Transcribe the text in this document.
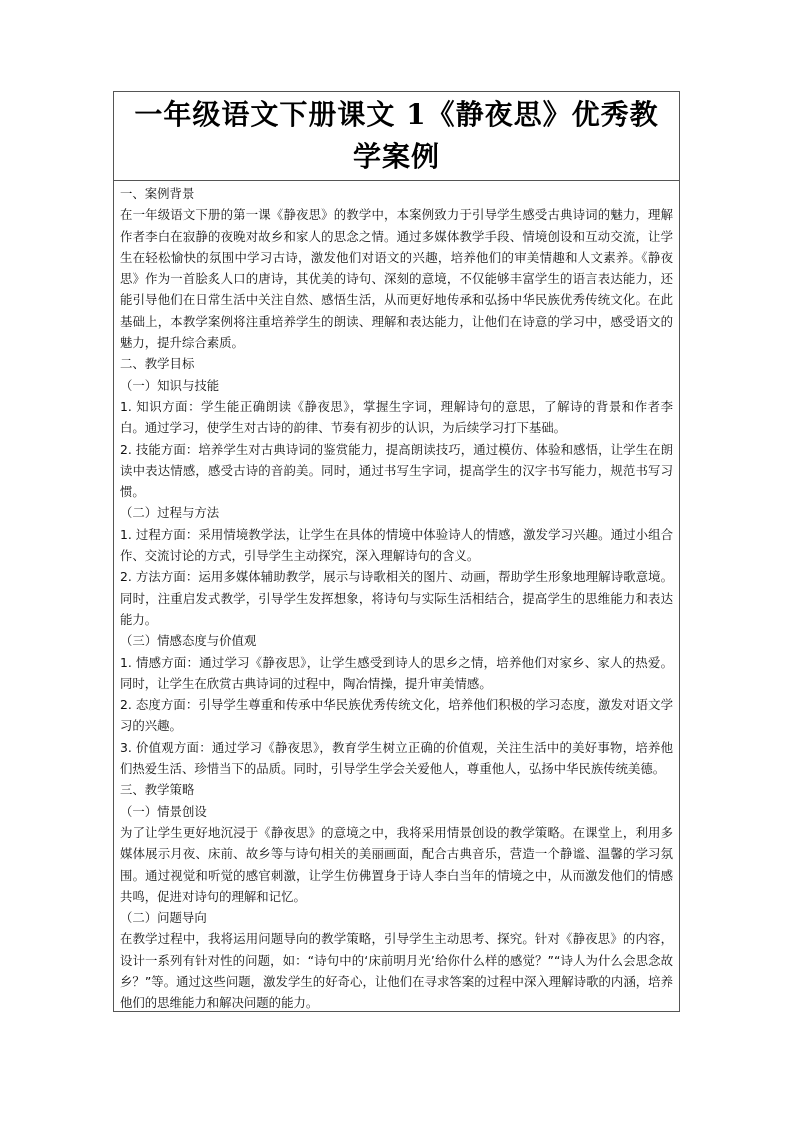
一年级语文下册课文 1《静夜思》优秀教学案例

一、案例背景

在一年级语文下册的第一课《静夜思》的教学中，本案例致力于引导学生感受古典诗词的魅力，理解作者李白在寂静的夜晚对故乡和家人的思念之情。通过多媒体教学手段、情境创设和互动交流，让学生在轻松愉快的氛围中学习古诗，激发他们对语文的兴趣，培养他们的审美情趣和人文素养。《静夜思》作为一首脍炙人口的唐诗，其优美的诗句、深刻的意境，不仅能够丰富学生的语言表达能力，还能引导他们在日常生活中关注自然、感悟生活，从而更好地传承和弘扬中华民族优秀传统文化。在此基础上，本教学案例将注重培养学生的朗读、理解和表达能力，让他们在诗意的学习中，感受语文的魅力，提升综合素质。

二、教学目标

（一）知识与技能

1. 知识方面：学生能正确朗读《静夜思》，掌握生字词，理解诗句的意思，了解诗的背景和作者李白。通过学习，使学生对古诗的韵律、节奏有初步的认识，为后续学习打下基础。

2. 技能方面：培养学生对古典诗词的鉴赏能力，提高朗读技巧，通过模仿、体验和感悟，让学生在朗读中表达情感，感受古诗的音韵美。同时，通过书写生字词，提高学生的汉字书写能力，规范书写习惯。

（二）过程与方法

1. 过程方面：采用情境教学法，让学生在具体的情境中体验诗人的情感，激发学习兴趣。通过小组合作、交流讨论的方式，引导学生主动探究，深入理解诗句的含义。

2. 方法方面：运用多媒体辅助教学，展示与诗歌相关的图片、动画，帮助学生形象地理解诗歌意境。同时，注重启发式教学，引导学生发挥想象，将诗句与实际生活相结合，提高学生的思维能力和表达能力。

（三）情感态度与价值观

1. 情感方面：通过学习《静夜思》，让学生感受到诗人的思乡之情，培养他们对家乡、家人的热爱。同时，让学生在欣赏古典诗词的过程中，陶冶情操，提升审美情感。

2. 态度方面：引导学生尊重和传承中华民族优秀传统文化，培养他们积极的学习态度，激发对语文学习的兴趣。

3. 价值观方面：通过学习《静夜思》，教育学生树立正确的价值观，关注生活中的美好事物，培养他们热爱生活、珍惜当下的品质。同时，引导学生学会关爱他人，尊重他人，弘扬中华民族传统美德。

三、教学策略

（一）情景创设

为了让学生更好地沉浸于《静夜思》的意境之中，我将采用情景创设的教学策略。在课堂上，利用多媒体展示月夜、床前、故乡等与诗句相关的美丽画面，配合古典音乐，营造一个静谧、温馨的学习氛围。通过视觉和听觉的感官刺激，让学生仿佛置身于诗人李白当年的情境之中，从而激发他们的情感共鸣，促进对诗句的理解和记忆。

（二）问题导向

在教学过程中，我将运用问题导向的教学策略，引导学生主动思考、探究。针对《静夜思》的内容，设计一系列有针对性的问题，如：“诗句中的‘床前明月光’给你什么样的感觉？”“诗人为什么会思念故乡？”等。通过这些问题，激发学生的好奇心，让他们在寻求答案的过程中深入理解诗歌的内涵，培养他们的思维能力和解决问题的能力。
